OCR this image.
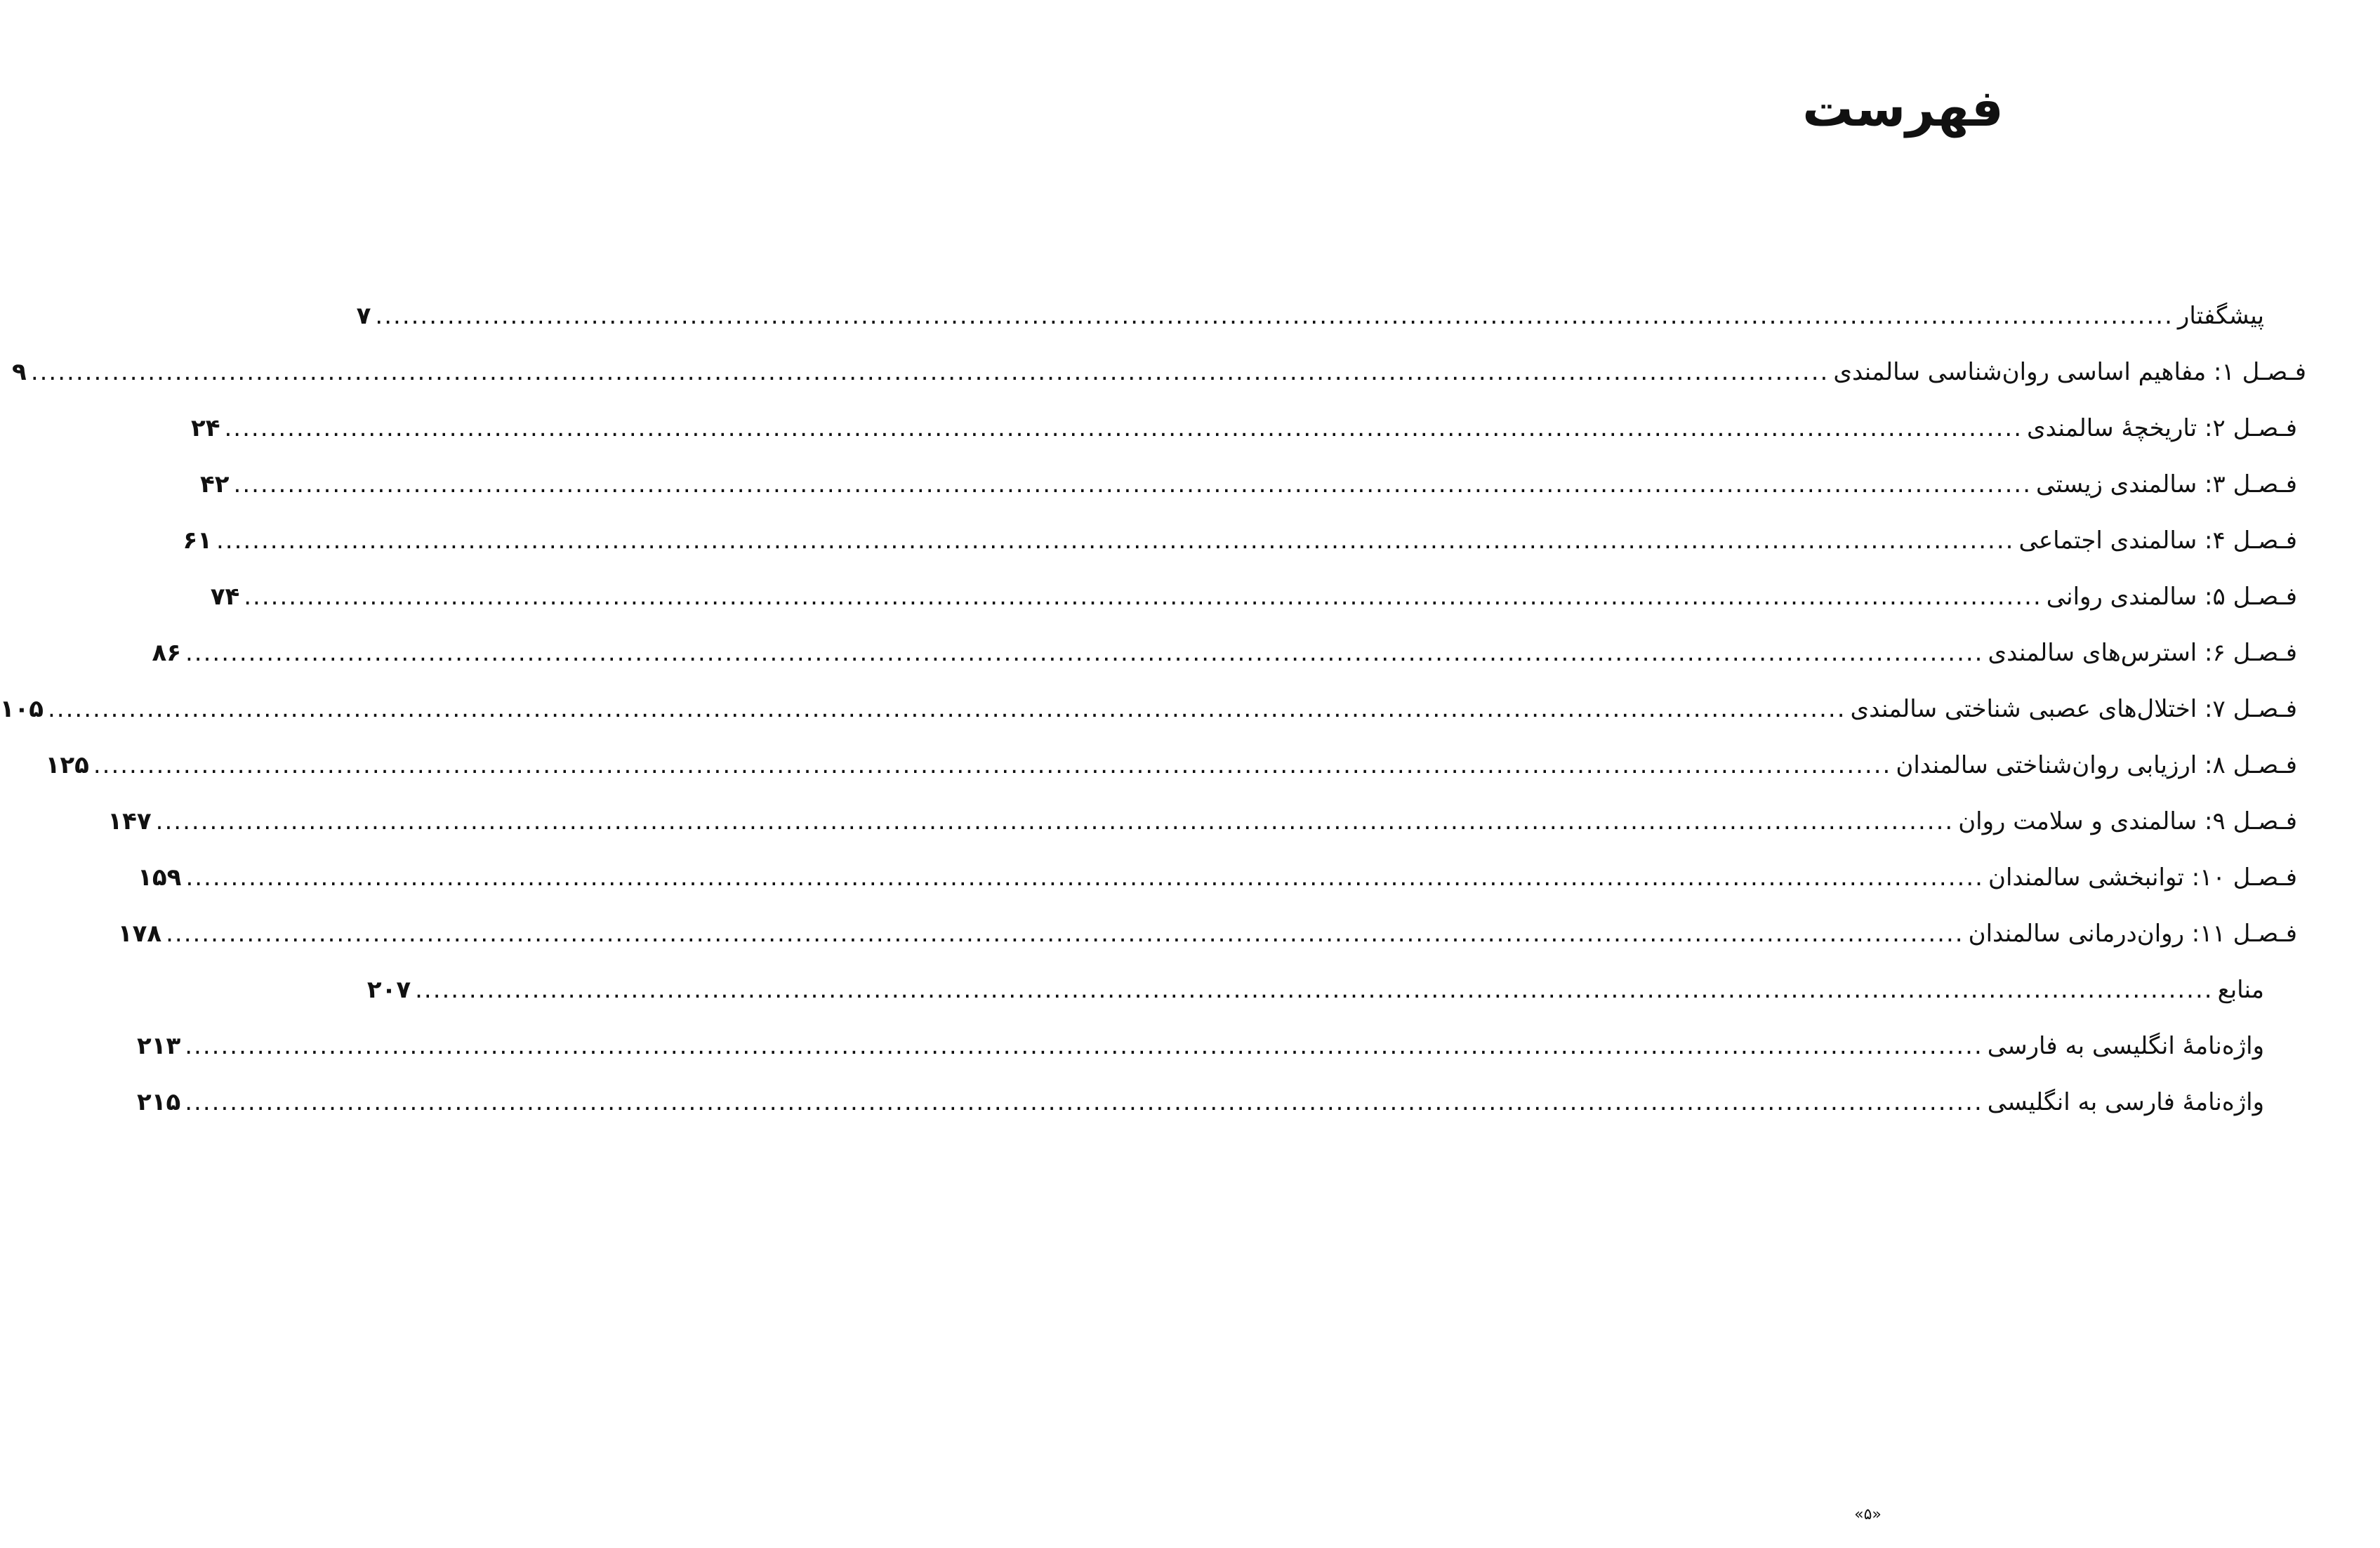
فهرست
پیشگفتار
........................................................................................................................................................................................................
۷
فـصـل ۱: مفاهیم اساسی روان‌شناسی سالمندی
........................................................................................................................................................................................................
۹
فـصـل ۲: تاریخچهٔ سالمندی
........................................................................................................................................................................................................
۲۴
فـصـل ۳: سالمندی زیستی
........................................................................................................................................................................................................
۴۲
فـصـل ۴: سالمندی اجتماعی
........................................................................................................................................................................................................
۶۱
فـصـل ۵: سالمندی روانی
........................................................................................................................................................................................................
۷۴
فـصـل ۶: استرس‌های سالمندی
........................................................................................................................................................................................................
۸۶
فـصـل ۷: اختلال‌های عصبی شناختی سالمندی
........................................................................................................................................................................................................
۱۰۵
فـصـل ۸: ارزیابی روان‌شناختی سالمندان
........................................................................................................................................................................................................
۱۲۵
فـصـل ۹: سالمندی و سلامت روان
........................................................................................................................................................................................................
۱۴۷
فـصـل ۱۰: توانبخشی سالمندان
........................................................................................................................................................................................................
۱۵۹
فـصـل ۱۱: روان‌درمانی سالمندان
........................................................................................................................................................................................................
۱۷۸
منابع
........................................................................................................................................................................................................
۲۰۷
واژه‌نامهٔ انگلیسی به فارسی
........................................................................................................................................................................................................
۲۱۳
واژه‌نامهٔ فارسی به انگلیسی
........................................................................................................................................................................................................
۲۱۵
«۵»
